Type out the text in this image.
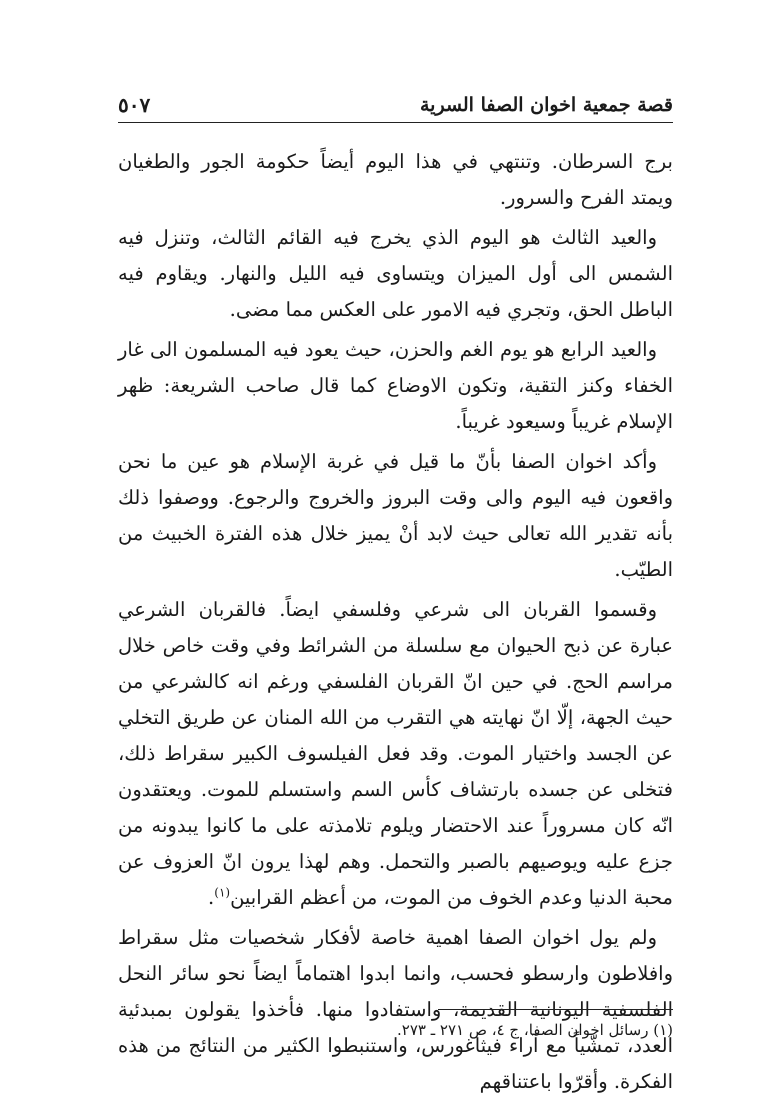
قصة جمعية اخوان الصفا السرية
٥٠٧

برج السرطان. وتنتهي في هذا اليوم أيضاً حكومة الجور والطغيان ويمتد الفرح والسرور.

والعيد الثالث هو اليوم الذي يخرج فيه القائم الثالث، وتنزل فيه الشمس الى أول الميزان ويتساوى فيه الليل والنهار. ويقاوم فيه الباطل الحق، وتجري فيه الامور على العكس مما مضى.

والعيد الرابع هو يوم الغم والحزن، حيث يعود فيه المسلمون الى غار الخفاء وكنز التقية، وتكون الاوضاع كما قال صاحب الشريعة: ظهر الإسلام غريباً وسيعود غريباً.

وأكد اخوان الصفا بأنّ ما قيل في غربة الإسلام هو عين ما نحن واقعون فيه اليوم والى وقت البروز والخروج والرجوع. ووصفوا ذلك بأنه تقدير الله تعالى حيث لابد أنْ يميز خلال هذه الفترة الخبيث من الطيّب.

وقسموا القربان الى شرعي وفلسفي ايضاً. فالقربان الشرعي عبارة عن ذبح الحيوان مع سلسلة من الشرائط وفي وقت خاص خلال مراسم الحج. في حين انّ القربان الفلسفي ورغم انه كالشرعي من حيث الجهة، إلّا انّ نهايته هي التقرب من الله المنان عن طريق التخلي عن الجسد واختيار الموت. وقد فعل الفيلسوف الكبير سقراط ذلك، فتخلى عن جسده بارتشاف كأس السم واستسلم للموت. ويعتقدون انّه كان مسروراً عند الاحتضار ويلوم تلامذته على ما كانوا يبدونه من جزع عليه ويوصيهم بالصبر والتحمل. وهم لهذا يرون انّ العزوف عن محبة الدنيا وعدم الخوف من الموت، من أعظم القرابين$^{(١)}$.

ولم يول اخوان الصفا اهمية خاصة لأفكار شخصيات مثل سقراط وافلاطون وارسطو فحسب، وانما ابدوا اهتماماً ايضاً نحو سائر النحل الفلسفية اليونانية القديمة، واستفادوا منها. فأخذوا يقولون بمبدئية العدد، تمشّياً مع آراء فيثاغورس، واستنبطوا الكثير من النتائج من هذه الفكرة. وأقرّوا باعتناقهم

(١) رسائل اخوان الصفا، ج ٤، ص ٢٧١ ـ ٢٧٣.
